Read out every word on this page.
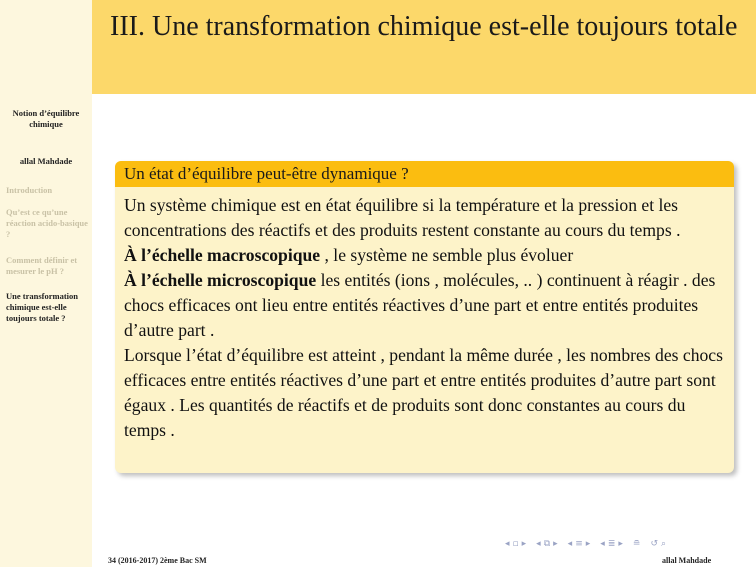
Notion d’équilibre chimique
allal Mahdade
Introduction
Qu’est ce qu’une réaction acido-basique ?
Comment définir et mesurer le pH ?
Une transformation chimique est-elle toujours totale ?
III. Une transformation chimique est-elle toujours totale
Un état d’équilibre peut-être dynamique ?

Un système chimique est en état équilibre si la température et la pression et les concentrations des réactifs et des produits restent constante au cours du temps .

À l’échelle macroscopique , le système ne semble plus évoluer

À l’échelle microscopique les entités (ions , molécules, .. ) continuent à réagir . des chocs efficaces ont lieu entre entités réactives d’une part et entre entités produites d’autre part .

Lorsque l’état d’équilibre est atteint , pendant la même durée , les nombres des chocs efficaces entre entités réactives d’une part et entre entités produites d’autre part sont égaux . Les quantités de réactifs et de produits sont donc constantes au cours du temps .

◂ ▫ ▸ ◂ ⧉ ▸ ◂ ≡ ▸ ◂ ≣ ▸ ≘ ↺ ⌕
34 (2016-2017) 2ème Bac SM	allal Mahdade
